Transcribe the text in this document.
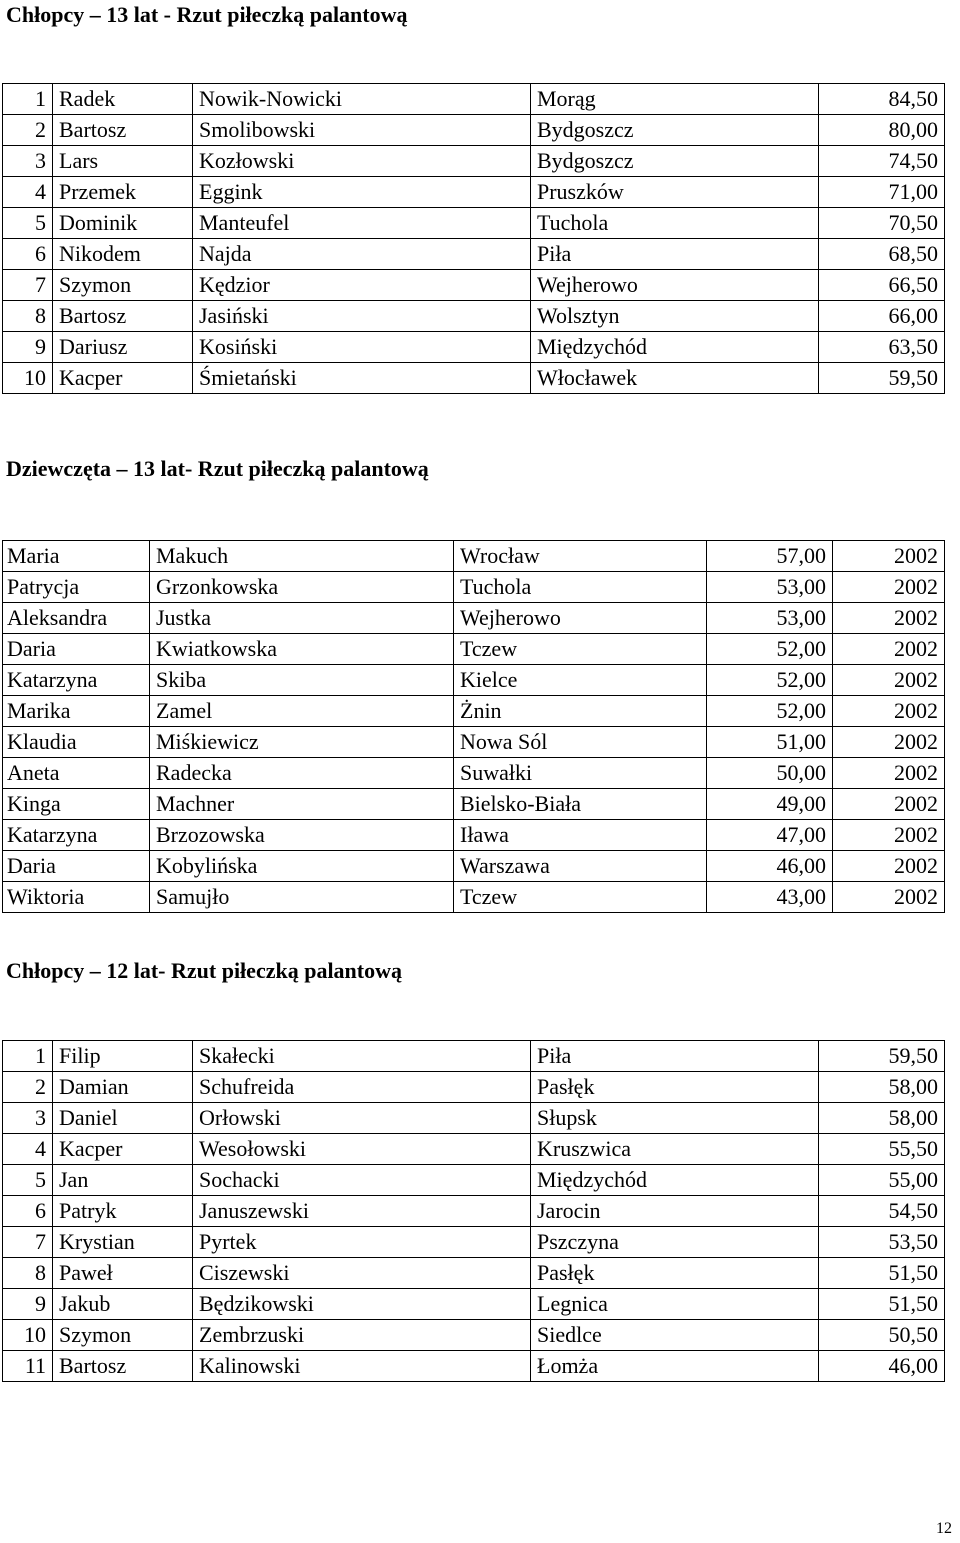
Chłopcy – 13 lat - Rzut piłeczką palantową
1	Radek	Nowik-Nowicki	Morąg	84,50
2	Bartosz	Smolibowski	Bydgoszcz	80,00
3	Lars	Kozłowski	Bydgoszcz	74,50
4	Przemek	Eggink	Pruszków	71,00
5	Dominik	Manteufel	Tuchola	70,50
6	Nikodem	Najda	Piła	68,50
7	Szymon	Kędzior	Wejherowo	66,50
8	Bartosz	Jasiński	Wolsztyn	66,00
9	Dariusz	Kosiński	Międzychód	63,50
10	Kacper	Śmietański	Włocławek	59,50
Dziewczęta – 13 lat- Rzut piłeczką palantową
Maria	Makuch	Wrocław	57,00	2002
Patrycja	Grzonkowska	Tuchola	53,00	2002
Aleksandra	Justka	Wejherowo	53,00	2002
Daria	Kwiatkowska	Tczew	52,00	2002
Katarzyna	Skiba	Kielce	52,00	2002
Marika	Zamel	Żnin	52,00	2002
Klaudia	Miśkiewicz	Nowa Sól	51,00	2002
Aneta	Radecka	Suwałki	50,00	2002
Kinga	Machner	Bielsko-Biała	49,00	2002
Katarzyna	Brzozowska	Iława	47,00	2002
Daria	Kobylińska	Warszawa	46,00	2002
Wiktoria	Samujło	Tczew	43,00	2002
Chłopcy – 12 lat- Rzut piłeczką palantową
1	Filip	Skałecki	Piła	59,50
2	Damian	Schufreida	Pasłęk	58,00
3	Daniel	Orłowski	Słupsk	58,00
4	Kacper	Wesołowski	Kruszwica	55,50
5	Jan	Sochacki	Międzychód	55,00
6	Patryk	Januszewski	Jarocin	54,50
7	Krystian	Pyrtek	Pszczyna	53,50
8	Paweł	Ciszewski	Pasłęk	51,50
9	Jakub	Będzikowski	Legnica	51,50
10	Szymon	Zembrzuski	Siedlce	50,50
11	Bartosz	Kalinowski	Łomża	46,00
12
